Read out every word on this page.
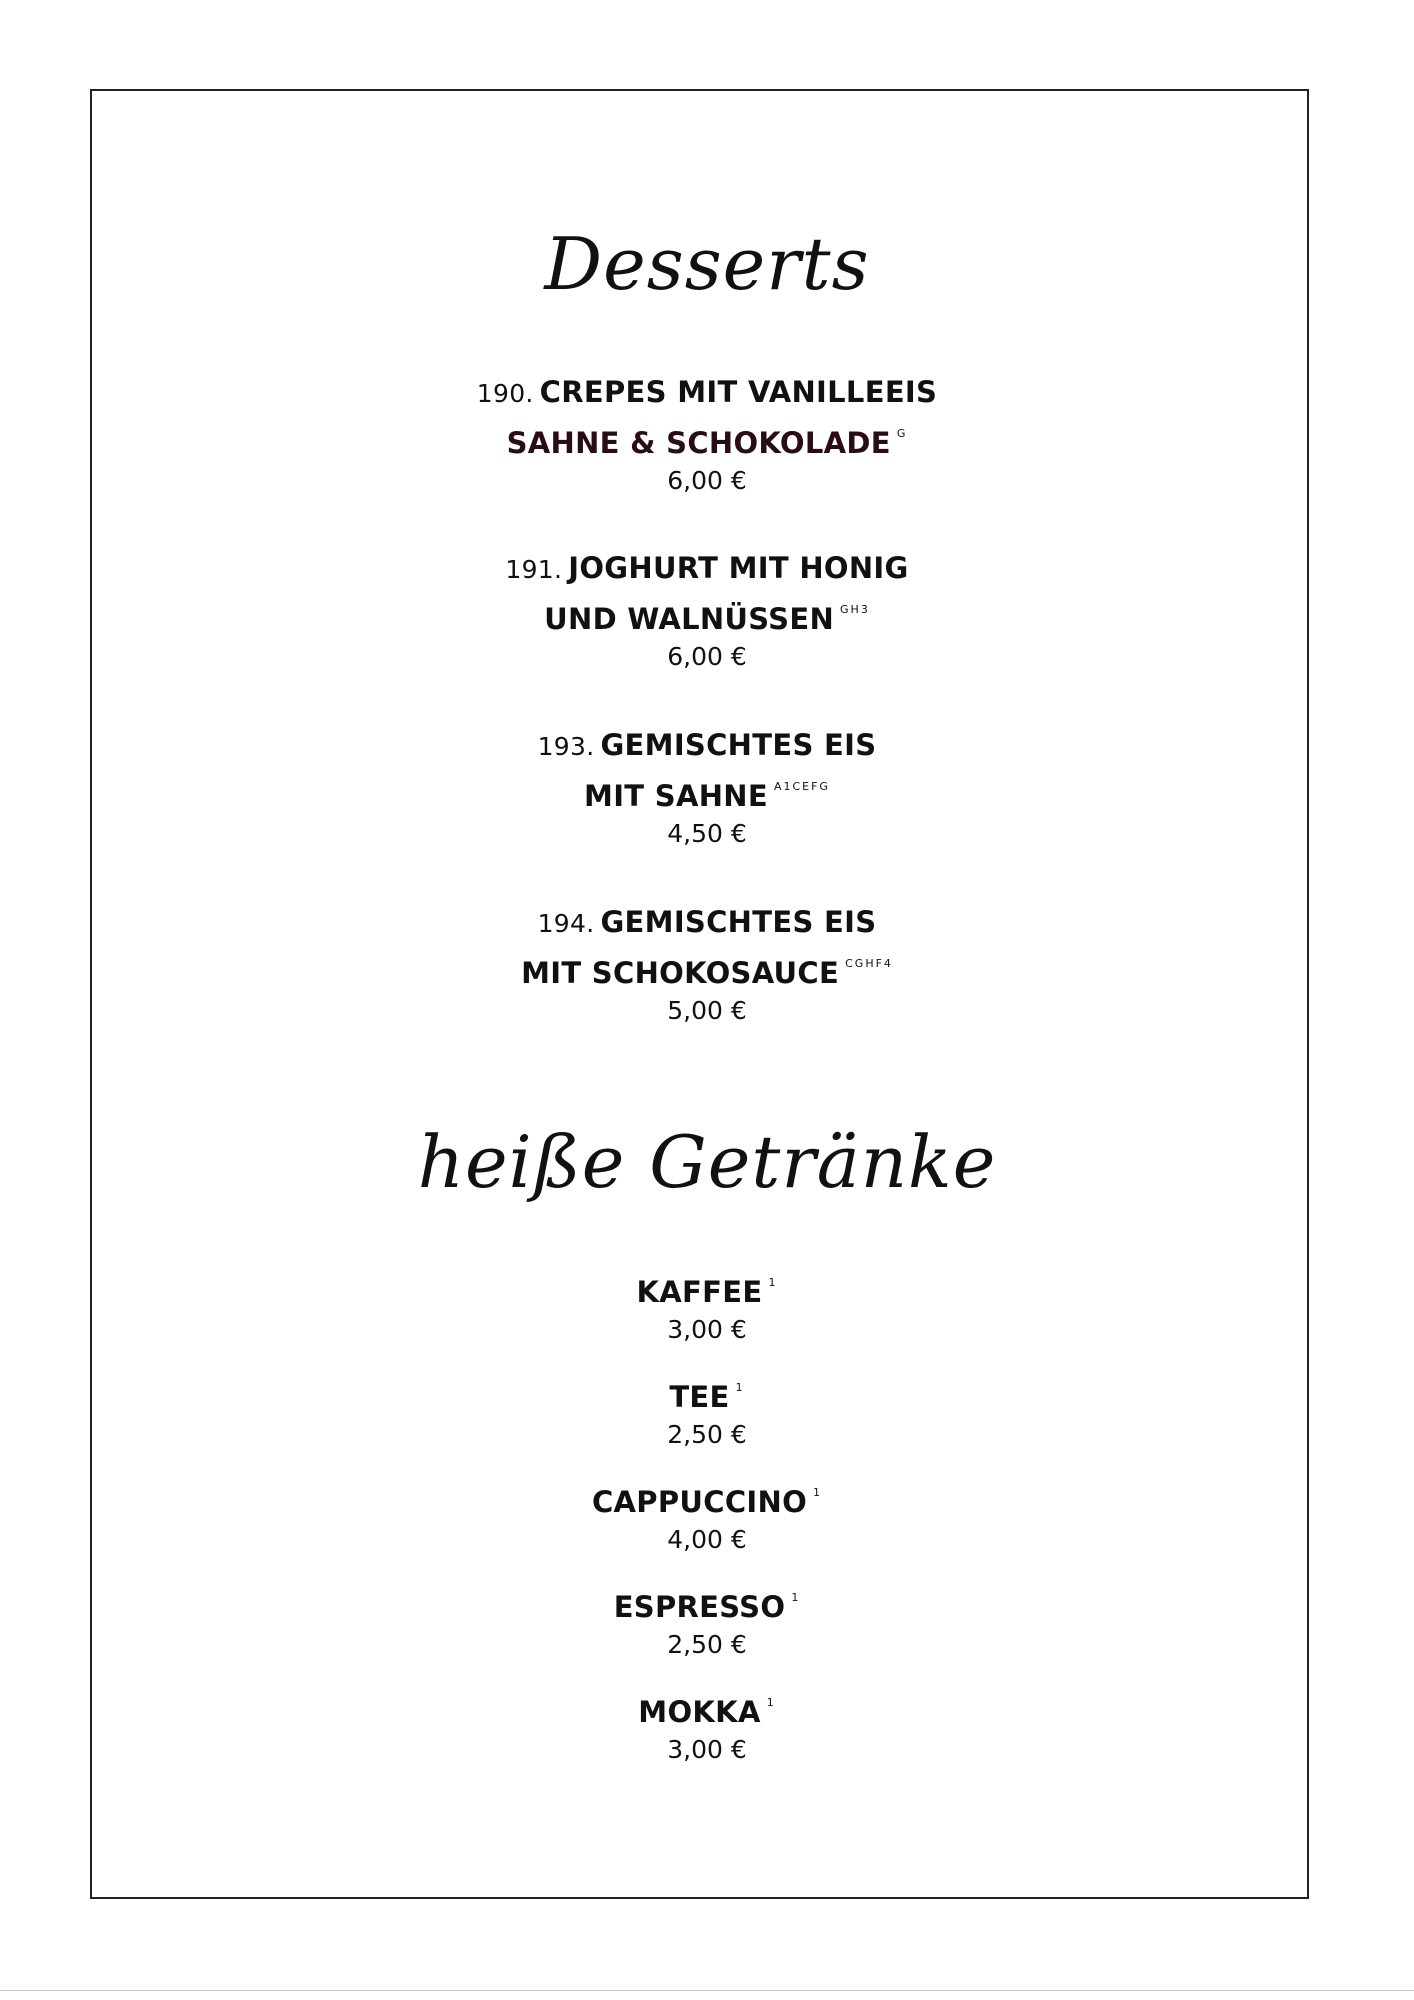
Desserts
190. CREPES MIT VANILLEEIS
SAHNE & SCHOKOLADE $^G$
6,00 €
191. JOGHURT MIT HONIG
UND WALNÜSSEN $^{GH3}$
6,00 €
193. GEMISCHTES EIS
MIT SAHNE $^{A1CEFG}$
4,50 €
194. GEMISCHTES EIS
MIT SCHOKOSAUCE $^{CGHF4}$
5,00 €
heiße Getränke
KAFFEE $^1$
3,00 €
TEE $^1$
2,50 €
CAPPUCCINO $^1$
4,00 €
ESPRESSO $^1$
2,50 €
MOKKA $^1$
3,00 €
